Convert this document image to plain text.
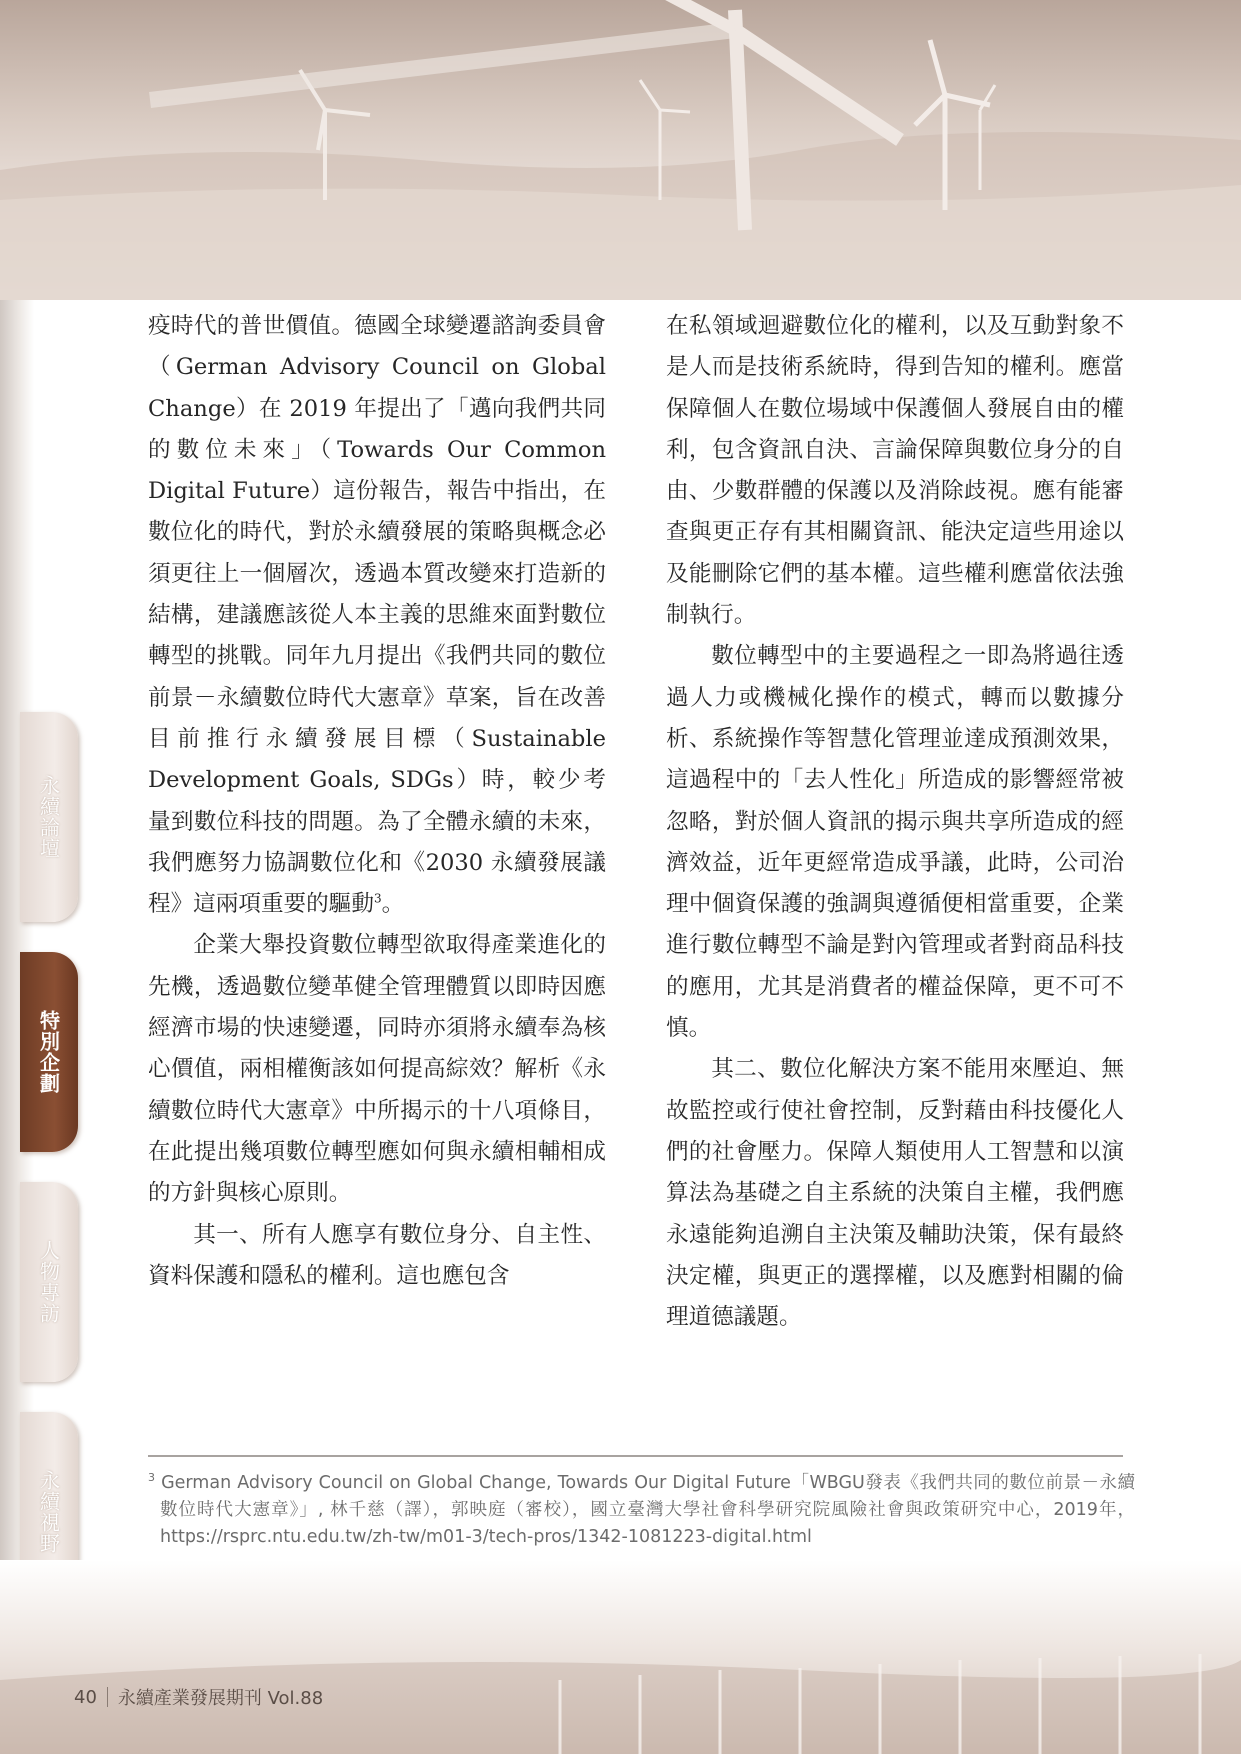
永續論壇
特別企劃
人物專訪
永續視野

疫時代的普世價值。德國全球變遷諮詢委員會（German Advisory Council on Global Change）在 2019 年提出了「邁向我們共同的數位未來」（Towards Our Common Digital Future）這份報告，報告中指出，在數位化的時代，對於永續發展的策略與概念必須更往上一個層次，透過本質改變來打造新的結構，建議應該從人本主義的思維來面對數位轉型的挑戰。同年九月提出《我們共同的數位前景－永續數位時代大憲章》草案，旨在改善目前推行永續發展目標（Sustainable Development Goals, SDGs）時，較少考量到數位科技的問題。為了全體永續的未來，我們應努力協調數位化和《2030 永續發展議程》這兩項重要的驅動$^3$。

企業大舉投資數位轉型欲取得產業進化的先機，透過數位變革健全管理體質以即時因應經濟市場的快速變遷，同時亦須將永續奉為核心價值，兩相權衡該如何提高綜效？解析《永續數位時代大憲章》中所揭示的十八項條目，在此提出幾項數位轉型應如何與永續相輔相成的方針與核心原則。

其一、所有人應享有數位身分、自主性、資料保護和隱私的權利。這也應包含

在私領域迴避數位化的權利，以及互動對象不是人而是技術系統時，得到告知的權利。應當保障個人在數位場域中保護個人發展自由的權利，包含資訊自決、言論保障與數位身分的自由、少數群體的保護以及消除歧視。應有能審查與更正存有其相關資訊、能決定這些用途以及能刪除它們的基本權。這些權利應當依法強制執行。

數位轉型中的主要過程之一即為將過往透過人力或機械化操作的模式，轉而以數據分析、系統操作等智慧化管理並達成預測效果，這過程中的「去人性化」所造成的影響經常被忽略，對於個人資訊的揭示與共享所造成的經濟效益，近年更經常造成爭議，此時，公司治理中個資保護的強調與遵循便相當重要，企業進行數位轉型不論是對內管理或者對商品科技的應用，尤其是消費者的權益保障，更不可不慎。

其二、數位化解決方案不能用來壓迫、無故監控或行使社會控制，反對藉由科技優化人們的社會壓力。保障人類使用人工智慧和以演算法為基礎之自主系統的決策自主權，我們應永遠能夠追溯自主決策及輔助決策，保有最終決定權，與更正的選擇權，以及應對相關的倫理道德議題。

$^3$ German Advisory Council on Global Change, Towards Our Digital Future「WBGU發表《我們共同的數位前景－永續數位時代大憲章》」, 林千慈（譯），郭映庭（審校），國立臺灣大學社會科學研究院風險社會與政策研究中心，2019年，https://rsprc.ntu.edu.tw/zh-tw/m01-3/tech-pros/1342-1081223-digital.html
40 永續產業發展期刊 Vol.88
